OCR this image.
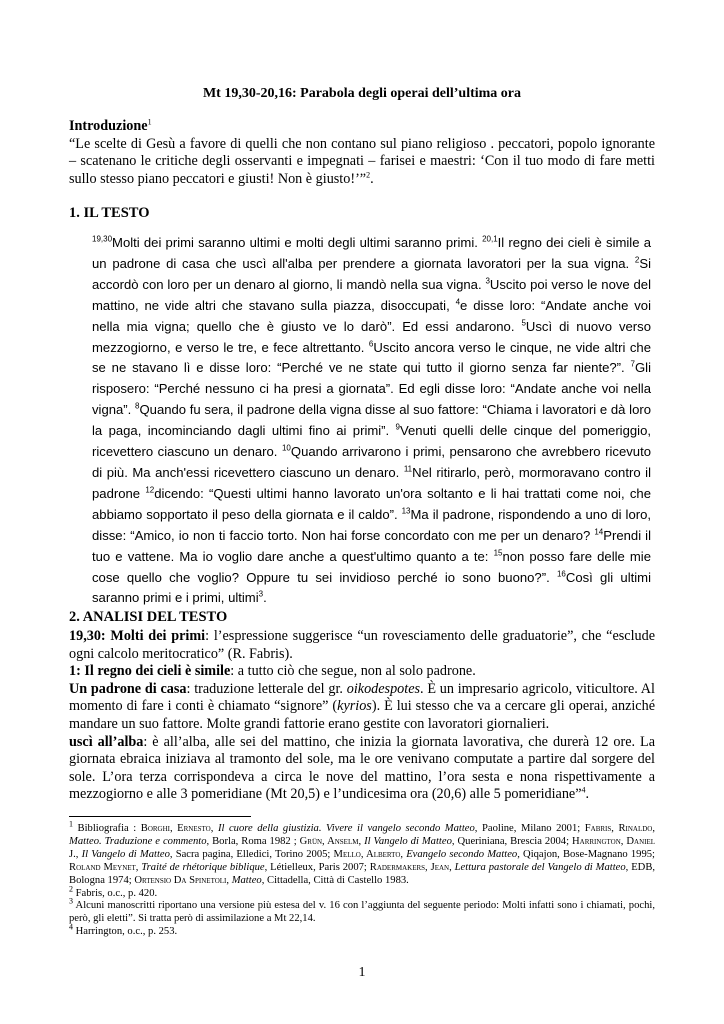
Mt 19,30-20,16: Parabola degli operai dell’ultima ora

Introduzione$^1$

“Le scelte di Gesù a favore di quelli che non contano sul piano religioso . peccatori, popolo ignorante – scatenano le critiche degli osservanti e impegnati – farisei e maestri: ‘Con il tuo modo di fare metti sullo stesso piano peccatori e giusti! Non è giusto!’”$^2$.

1. IL TESTO
$^{19,30}$Molti dei primi saranno ultimi e molti degli ultimi saranno primi. $^{20,1}$Il regno dei cieli è simile a un padrone di casa che uscì all'alba per prendere a giornata lavoratori per la sua vigna. $^2$Si accordò con loro per un denaro al giorno, li mandò nella sua vigna. $^3$Uscito poi verso le nove del mattino, ne vide altri che stavano sulla piazza, disoccupati, $^4$e disse loro: “Andate anche voi nella mia vigna; quello che è giusto ve lo darò”. Ed essi andarono. $^5$Uscì di nuovo verso mezzogiorno, e verso le tre, e fece altrettanto. $^6$Uscito ancora verso le cinque, ne vide altri che se ne stavano lì e disse loro: “Perché ve ne state qui tutto il giorno senza far niente?”. $^7$Gli risposero: “Perché nessuno ci ha presi a giornata”. Ed egli disse loro: “Andate anche voi nella vigna”. $^8$Quando fu sera, il padrone della vigna disse al suo fattore: “Chiama i lavoratori e dà loro la paga, incominciando dagli ultimi fino ai primi”. $^9$Venuti quelli delle cinque del pomeriggio, ricevettero ciascuno un denaro. $^{10}$Quando arrivarono i primi, pensarono che avrebbero ricevuto di più. Ma anch'essi ricevettero ciascuno un denaro. $^{11}$Nel ritirarlo, però, mormoravano contro il padrone $^{12}$dicendo: “Questi ultimi hanno lavorato un'ora soltanto e li hai trattati come noi, che abbiamo sopportato il peso della giornata e il caldo”. $^{13}$Ma il padrone, rispondendo a uno di loro, disse: “Amico, io non ti faccio torto. Non hai forse concordato con me per un denaro? $^{14}$Prendi il tuo e vattene. Ma io voglio dare anche a quest'ultimo quanto a te: $^{15}$non posso fare delle mie cose quello che voglio? Oppure tu sei invidioso perché io sono buono?”. $^{16}$Così gli ultimi saranno primi e i primi, ultimi$^3$.
2. ANALISI DEL TESTO

19,30: Molti dei primi: l’espressione suggerisce “un rovesciamento delle graduatorie”, che “esclude ogni calcolo meritocratico” (R. Fabris).

1: Il regno dei cieli è simile: a tutto ciò che segue, non al solo padrone.

Un padrone di casa: traduzione letterale del gr. oikodespotes. È un impresario agricolo, viticultore. Al momento di fare i conti è chiamato “signore” (kyrios). È lui stesso che va a cercare gli operai, anziché mandare un suo fattore. Molte grandi fattorie erano gestite con lavoratori giornalieri.

uscì all’alba: è all’alba, alle sei del mattino, che inizia la giornata lavorativa, che durerà 12 ore. La giornata ebraica iniziava al tramonto del sole, ma le ore venivano computate a partire dal sorgere del sole. L’ora terza corrispondeva a circa le nove del mattino, l’ora sesta e nona rispettivamente a mezzogiorno e alle 3 pomeridiane (Mt 20,5) e l’undicesima ora (20,6) alle 5 pomeridiane”$^4$.

$^1$ Bibliografia : Borghi, Ernesto, Il cuore della giustizia. Vivere il vangelo secondo Matteo, Paoline, Milano 2001; Fabris, Rinaldo, Matteo. Traduzione e commento, Borla, Roma 1982 ; Grün, Anselm, Il Vangelo di Matteo, Queriniana, Brescia 2004; Harrington, Daniel J., Il Vangelo di Matteo, Sacra pagina, Elledici, Torino 2005; Mello, Alberto, Evangelo secondo Matteo, Qiqajon, Bose-Magnano 1995; Roland Meynet, Traité de rhétorique biblique, Létielleux, Paris 2007; Radermakers, Jean, Lettura pastorale del Vangelo di Matteo, EDB, Bologna 1974; Ortensio Da Spinetoli, Matteo, Cittadella, Città di Castello 1983.

$^2$ Fabris, o.c., p. 420.

$^3$ Alcuni manoscritti riportano una versione più estesa del v. 16 con l’aggiunta del seguente periodo: Molti infatti sono i chiamati, pochi, però, gli eletti”. Si tratta però di assimilazione a Mt 22,14.

$^4$ Harrington, o.c., p. 253.

1
